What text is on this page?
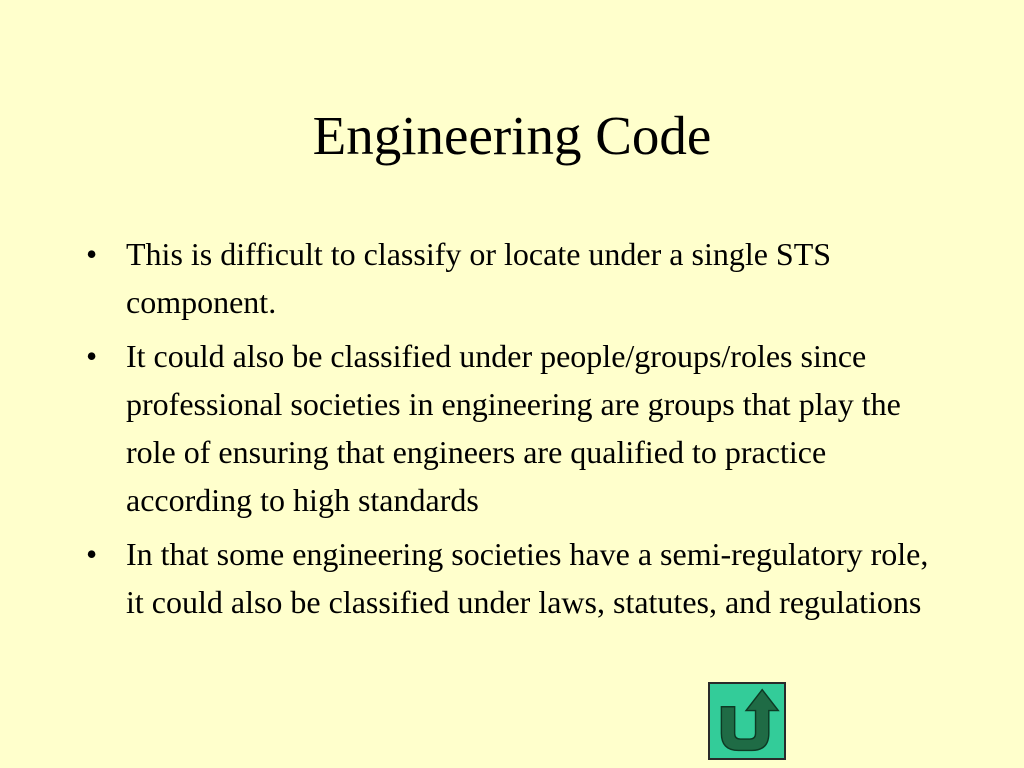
Engineering Code
• This is difficult to classify or locate under a single STS component.
• It could also be classified under people/groups/roles since professional societies in engineering are groups that play the role of ensuring that engineers are qualified to practice according to high standards
• In that some engineering societies have a semi-regulatory role, it could also be classified under laws, statutes, and regulations
